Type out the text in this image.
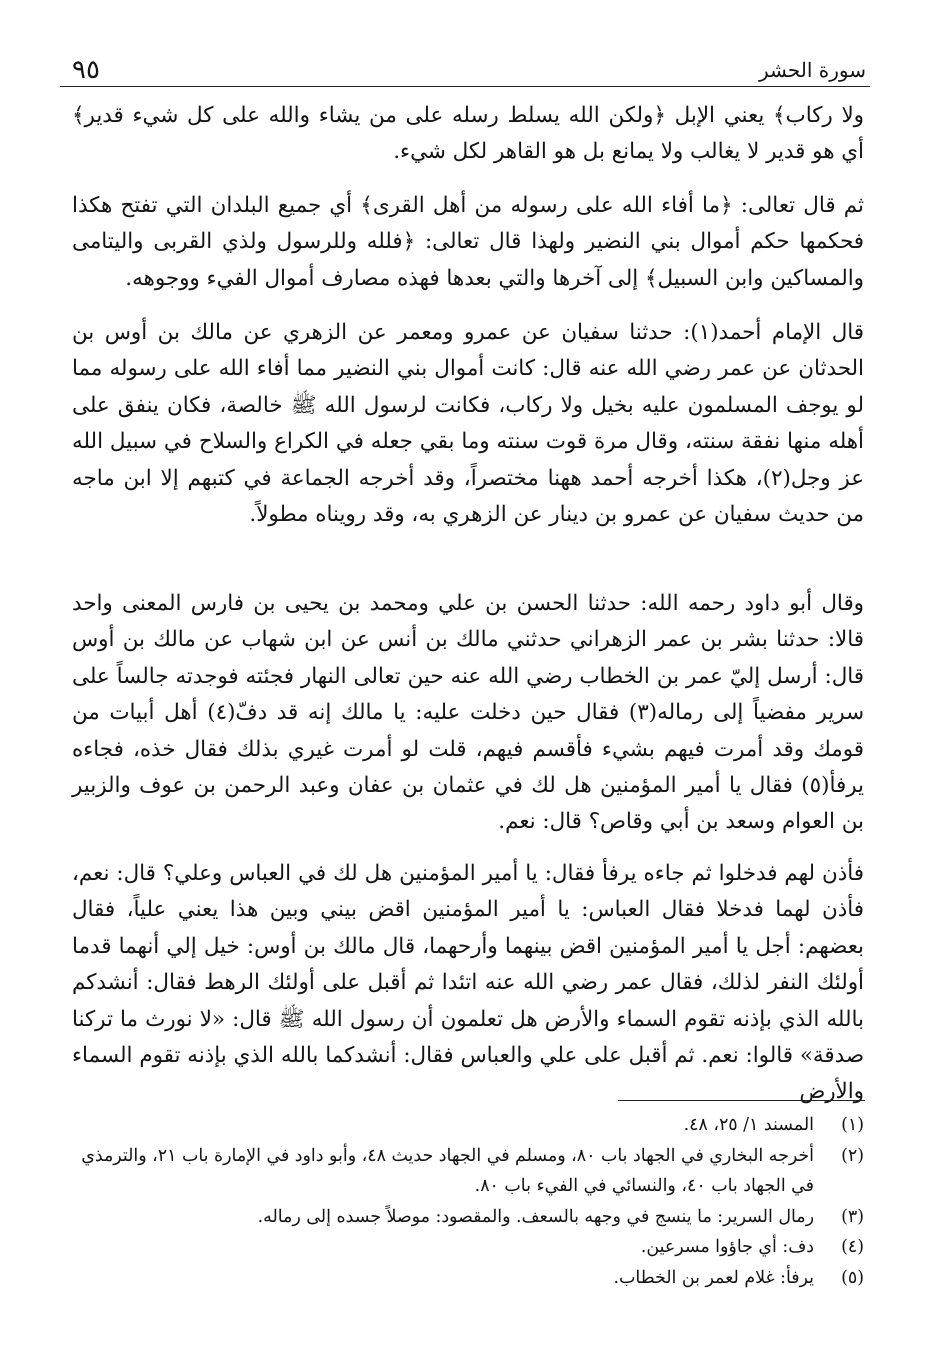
٩٥	سورة الحشر

ولا ركاب﴾ يعني الإبل ﴿ولكن الله يسلط رسله على من يشاء والله على كل شيء قدير﴾ أي هو قدير لا يغالب ولا يمانع بل هو القاهر لكل شيء.

ثم قال تعالى: ﴿ما أفاء الله على رسوله من أهل القرى﴾ أي جميع البلدان التي تفتح هكذا فحكمها حكم أموال بني النضير ولهذا قال تعالى: ﴿فلله وللرسول ولذي القربى واليتامى والمساكين وابن السبيل﴾ إلى آخرها والتي بعدها فهذه مصارف أموال الفيء ووجوهه.

قال الإمام أحمد(١): حدثنا سفيان عن عمرو ومعمر عن الزهري عن مالك بن أوس بن الحدثان عن عمر رضي الله عنه قال: كانت أموال بني النضير مما أفاء الله على رسوله مما لو يوجف المسلمون عليه بخيل ولا ركاب، فكانت لرسول الله ﷺ خالصة، فكان ينفق على أهله منها نفقة سنته، وقال مرة قوت سنته وما بقي جعله في الكراع والسلاح في سبيل الله عز وجل(٢)، هكذا أخرجه أحمد ههنا مختصراً، وقد أخرجه الجماعة في كتبهم إلا ابن ماجه من حديث سفيان عن عمرو بن دينار عن الزهري به، وقد رويناه مطولاً.

وقال أبو داود رحمه الله: حدثنا الحسن بن علي ومحمد بن يحيى بن فارس المعنى واحد قالا: حدثنا بشر بن عمر الزهراني حدثني مالك بن أنس عن ابن شهاب عن مالك بن أوس قال: أرسل إليّ عمر بن الخطاب رضي الله عنه حين تعالى النهار فجئته فوجدته جالساً على سرير مفضياً إلى رماله(٣) فقال حين دخلت عليه: يا مالك إنه قد دفّ(٤) أهل أبيات من قومك وقد أمرت فيهم بشيء فأقسم فيهم، قلت لو أمرت غيري بذلك فقال خذه، فجاءه يرفأ(٥) فقال يا أمير المؤمنين هل لك في عثمان بن عفان وعبد الرحمن بن عوف والزبير بن العوام وسعد بن أبي وقاص؟ قال: نعم.

فأذن لهم فدخلوا ثم جاءه يرفأ فقال: يا أمير المؤمنين هل لك في العباس وعلي؟ قال: نعم، فأذن لهما فدخلا فقال العباس: يا أمير المؤمنين اقض بيني وبين هذا يعني علياً، فقال بعضهم: أجل يا أمير المؤمنين اقض بينهما وأرحهما، قال مالك بن أوس: خيل إلي أنهما قدما أولئك النفر لذلك، فقال عمر رضي الله عنه اتئدا ثم أقبل على أولئك الرهط فقال: أنشدكم بالله الذي بإذنه تقوم السماء والأرض هل تعلمون أن رسول الله ﷺ قال: «لا نورث ما تركنا صدقة» قالوا: نعم. ثم أقبل على علي والعباس فقال: أنشدكما بالله الذي بإذنه تقوم السماء والأرض

(١)
المسند ١/ ٢٥، ٤٨.
(٢)
أخرجه البخاري في الجهاد باب ٨٠، ومسلم في الجهاد حديث ٤٨، وأبو داود في الإمارة باب ٢١، والترمذي في الجهاد باب ٤٠، والنسائي في الفيء باب ٨٠.
(٣)
رمال السرير: ما ينسج في وجهه بالسعف. والمقصود: موصلاً جسده إلى رماله.
(٤)
دف: أي جاؤوا مسرعين.
(٥)
يرفأ: غلام لعمر بن الخطاب.
